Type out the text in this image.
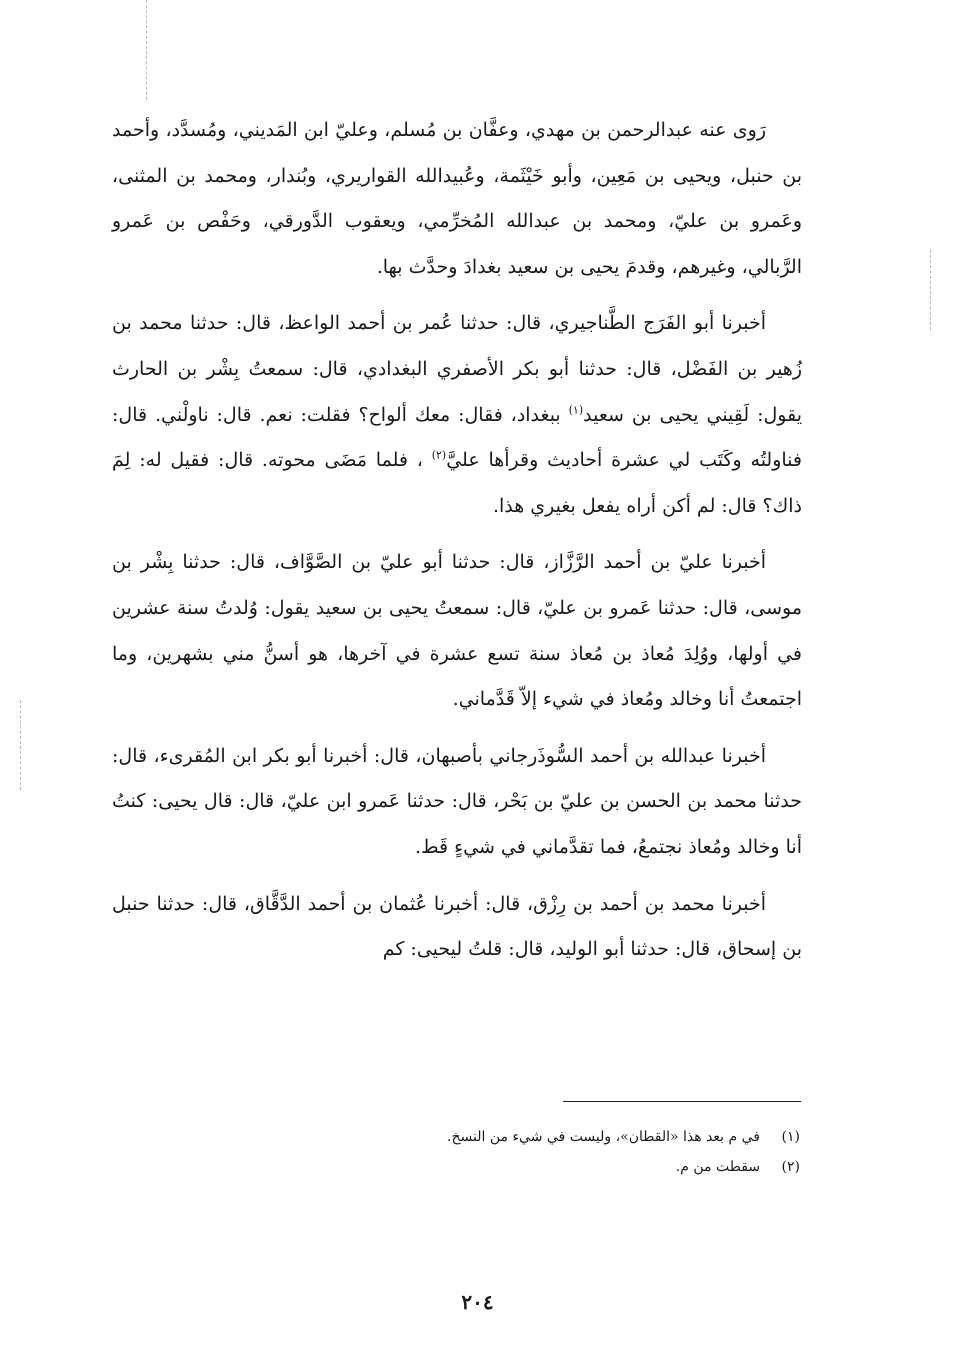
رَوى عنه عبدالرحمن بن مهدي، وعفَّان بن مُسلم، وعليّ ابن المَديني، ومُسدَّد، وأحمد بن حنبل، ويحيى بن مَعِين، وأبو خَيْثَمة، وعُبيدالله القواريري، وبُندار، ومحمد بن المثنى، وعَمرو بن عليّ، ومحمد بن عبدالله المُخرِّمي، ويعقوب الدَّورقي، وحَفْص بن عَمرو الرَّبالي، وغيرهم، وقدمَ يحيى بن سعيد بغدادَ وحدَّث بها.

أخبرنا أبو الفَرَج الطَّناجيري، قال: حدثنا عُمر بن أحمد الواعظ، قال: حدثنا محمد بن زُهير بن الفَضْل، قال: حدثنا أبو بكر الأصفري البغدادي، قال: سمعتُ بِشْر بن الحارث يقول: لَقِيني يحيى بن سعيد$^{(١)}$ ببغداد، فقال: معك ألواح؟ فقلت: نعم. قال: ناولْني. قال: فناولتُه وكَتَب لي عشرة أحاديث وقرأها عليَّ$^{(٢)}$ ، فلما مَضَى محوته. قال: فقيل له: لِمَ ذاك؟ قال: لم أكن أراه يفعل بغيري هذا.

أخبرنا عليّ بن أحمد الرَّزَّاز، قال: حدثنا أبو عليّ بن الصَّوَّاف، قال: حدثنا بِشْر بن موسى، قال: حدثنا عَمرو بن عليّ، قال: سمعتُ يحيى بن سعيد يقول: وُلدتُ سنة عشرين في أولها، ووُلِدَ مُعاذ بن مُعاذ سنة تسع عشرة في آخرها، هو أسنُّ مني بشهرين، وما اجتمعتُ أنا وخالد ومُعاذ في شيء إلاّ قَدَّماني.

أخبرنا عبدالله بن أحمد السُّوذَرجاني بأصبهان، قال: أخبرنا أبو بكر ابن المُقرىء، قال: حدثنا محمد بن الحسن بن عليّ بن بَحْر، قال: حدثنا عَمرو ابن عليّ، قال: قال يحيى: كنتُ أنا وخالد ومُعاذ نجتمعُ، فما تقدَّماني في شيءٍ قَط.

أخبرنا محمد بن أحمد بن رِزْق، قال: أخبرنا عُثمان بن أحمد الدَّقَّاق، قال: حدثنا حنبل بن إسحاق، قال: حدثنا أبو الوليد، قال: قلتُ ليحيى: كم

(١)في م بعد هذا «القطان»، وليست في شيء من النسخ.

(٢)سقطت من م.

٢٠٤
